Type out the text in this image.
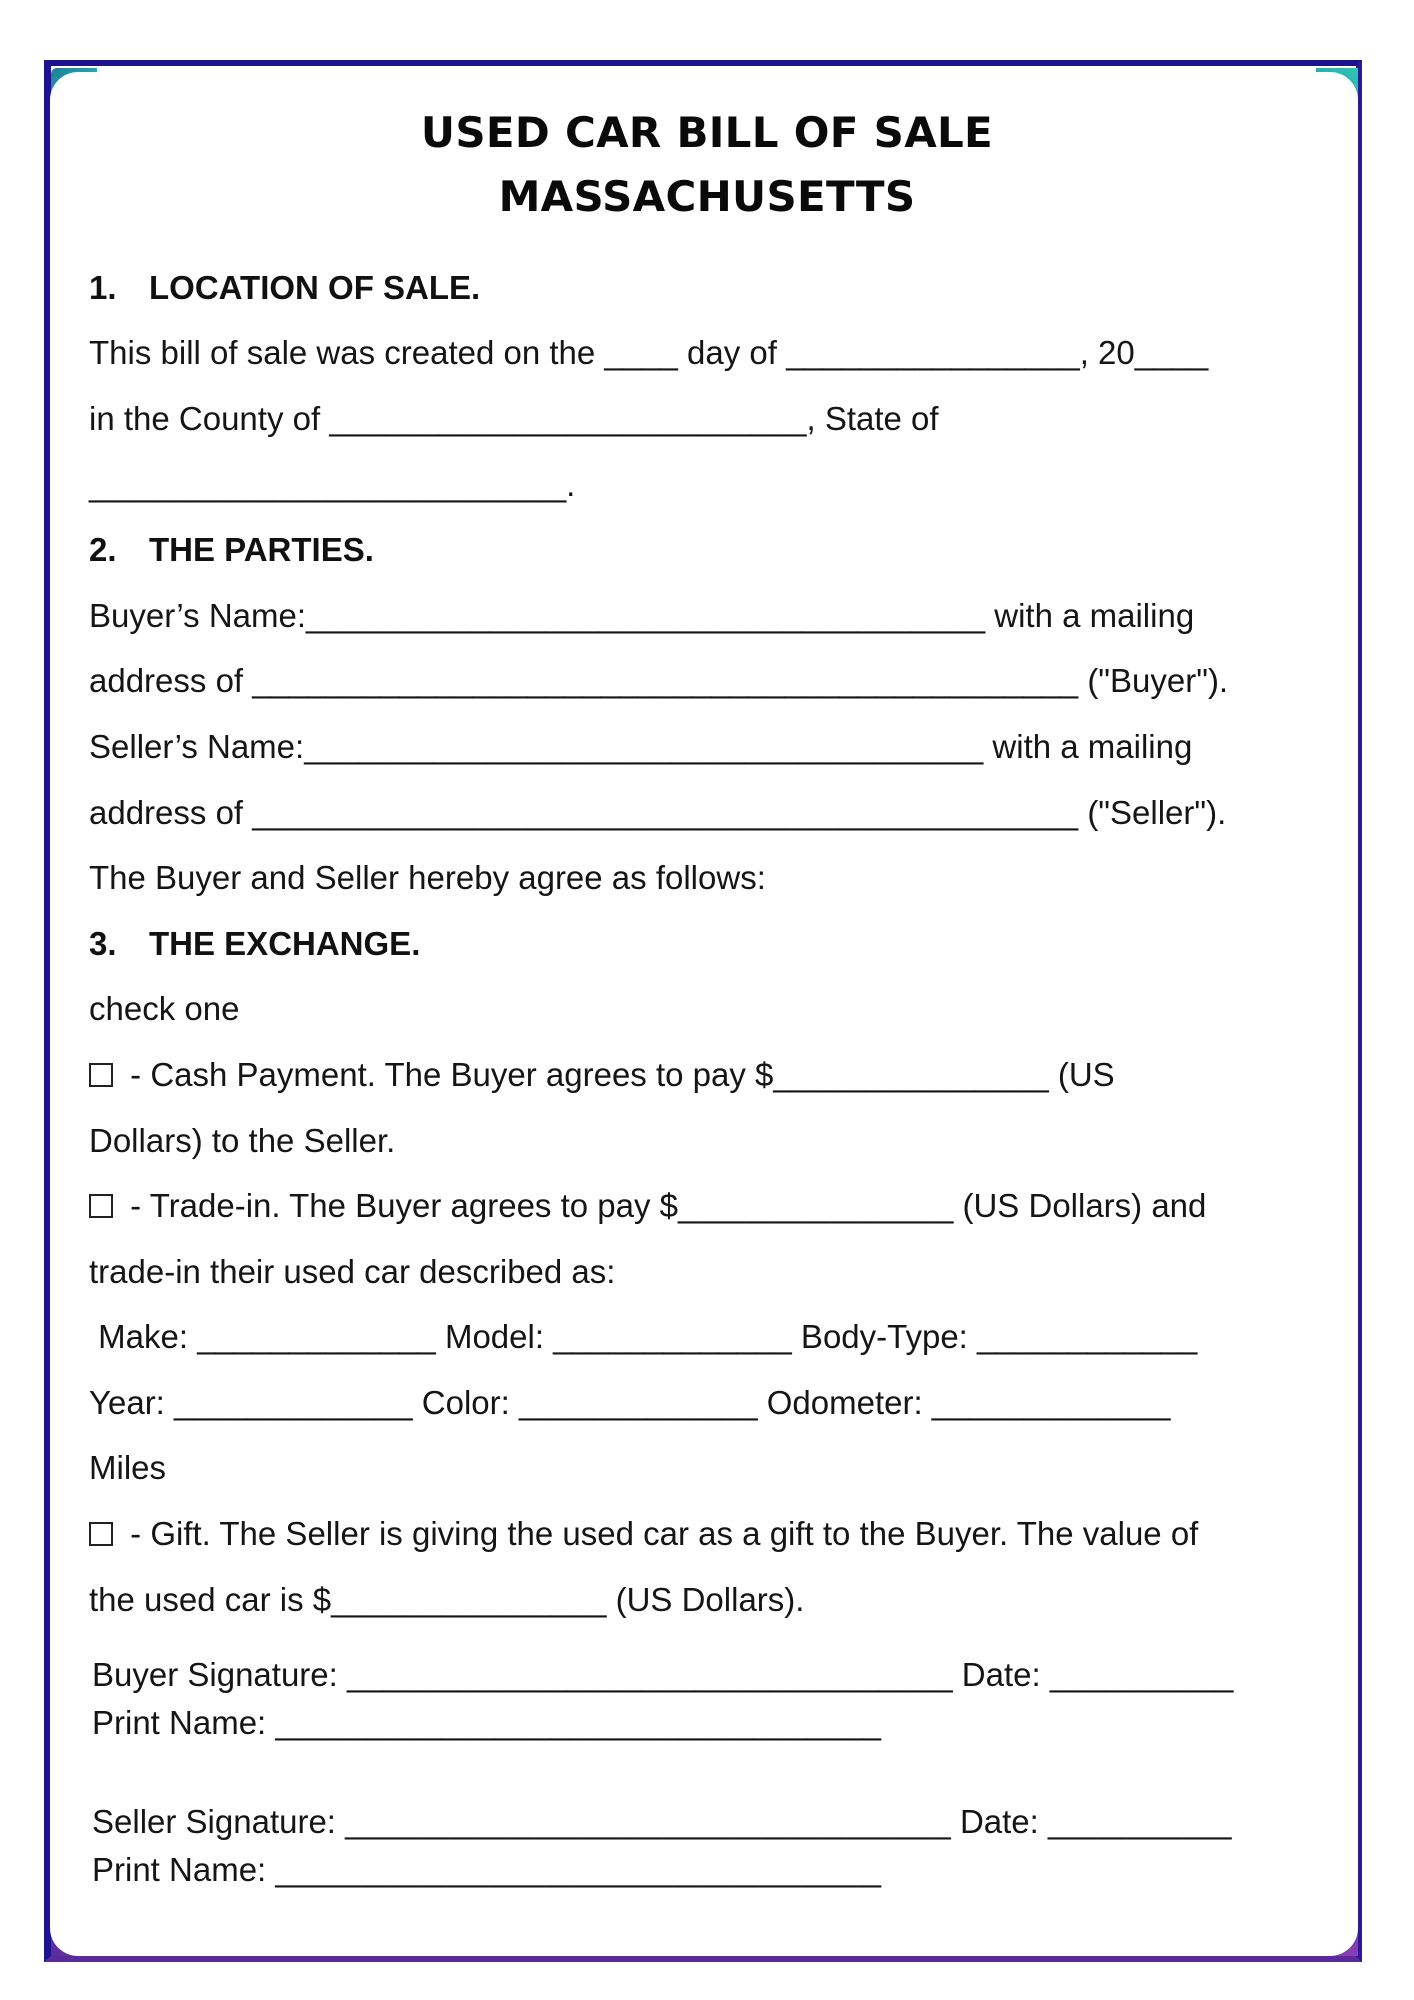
USED CAR BILL OF SALE
MASSACHUSETTS
1. LOCATION OF SALE.
This bill of sale was created on the ____ day of ________________, 20____
in the County of __________________________, State of
__________________________.
2. THE PARTIES.
Buyer’s Name:_____________________________________ with a mailing
address of _____________________________________________ ("Buyer").
Seller’s Name:_____________________________________ with a mailing
address of _____________________________________________ ("Seller").
The Buyer and Seller hereby agree as follows:
3. THE EXCHANGE.
check one
- Cash Payment. The Buyer agrees to pay $_______________ (US
Dollars) to the Seller.
- Trade-in. The Buyer agrees to pay $_______________ (US Dollars) and
trade-in their used car described as:
Make: _____________ Model: _____________ Body-Type: ____________
Year: _____________ Color: _____________ Odometer: _____________
Miles
- Gift. The Seller is giving the used car as a gift to the Buyer. The value of
the used car is $_______________ (US Dollars).
Buyer Signature: _________________________________ Date: __________
Print Name: _________________________________
Seller Signature: _________________________________ Date: __________
Print Name: _________________________________
